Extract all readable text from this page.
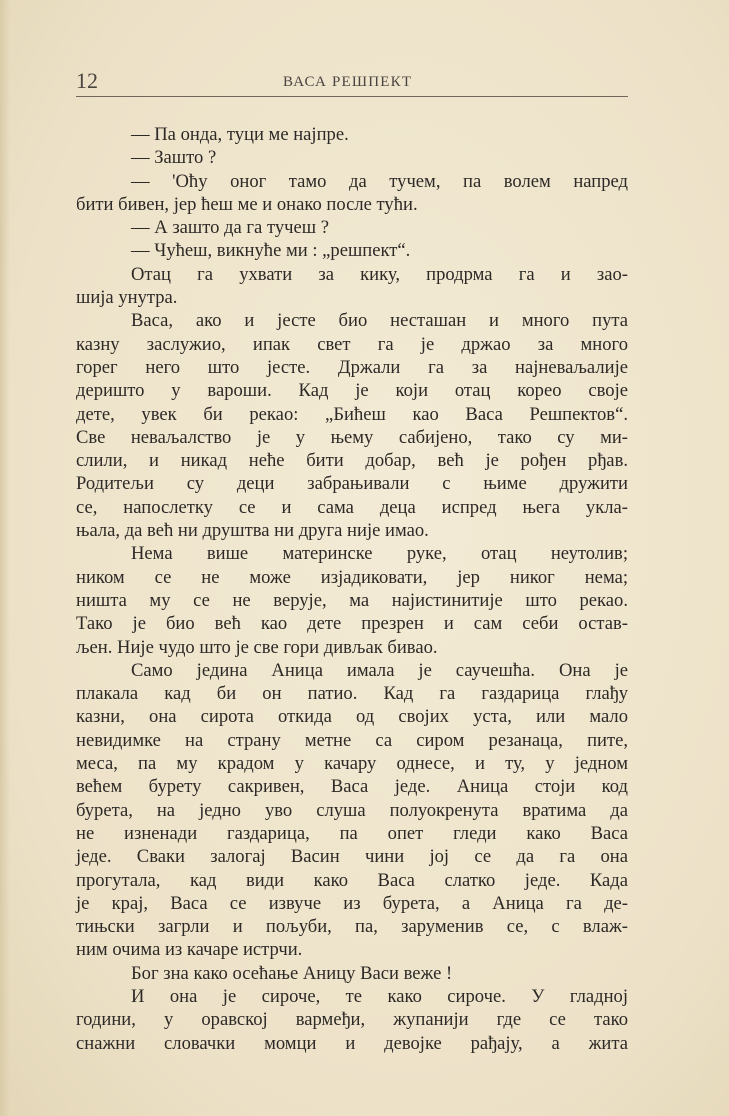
12	ВАСА РЕШПЕКТ
— Па онда, туци ме најпре.
— Зашто ?
— 'Оћу оног тамо да тучем, па волем напред
бити бивен, јер ћеш ме и онако после тући.
— А зашто да га тучеш ?
— Чућеш, викнуће ми : „решпект“.
Отац га ухвати за кику, продрма га и зао-
шија унутра.
Васа, ако и јесте био несташан и много пута
казну заслужио, ипак свет га је држао за много
горег него што јесте. Држали га за најневаљалије
деришто у вароши. Кад је који отац корео своје
дете, увек би рекао: „Бићеш као Васа Решпектов“.
Све неваљалство је у њему сабијено, тако су ми-
слили, и никад неће бити добар, већ је рођен рђав.
Родитељи су деци забрањивали с њиме дружити
се, напослетку се и сама деца испред њега укла-
њала, да већ ни друштва ни друга није имао.
Нема више материнске руке, отац неутолив;
ником се не може изјадиковати, јер никог нема;
ништа му се не верује, ма најистинитије што рекао.
Тако је био већ као дете презрен и сам себи остав-
љен. Није чудо што је све гори дивљак бивао.
Само једина Аница имала је саучешћа. Она је
плакала кад би он патио. Кад га газдарица глађу
казни, она сирота откида од својих уста, или мало
невидимке на страну метне са сиром резанаца, пите,
меса, па му крадом у качару однесе, и ту, у једном
већем бурету сакривен, Васа једе. Аница стоји код
бурета, на једно уво слуша полуокренута вратима да
не изненади газдарица, па опет гледи како Васа
једе. Сваки залогај Васин чини јој се да га она
прогутала, кад види како Васа слатко једе. Када
је крај, Васа се извуче из бурета, а Аница га де-
тињски загрли и пољуби, па, заруменив се, с влаж-
ним очима из качаре истрчи.
Бог зна како осећање Аницу Васи веже !
И она је сироче, те како сироче. У гладној
години, у оравској вармеђи, жупанији где се тако
снажни словачки момци и девојке рађају, а жита
